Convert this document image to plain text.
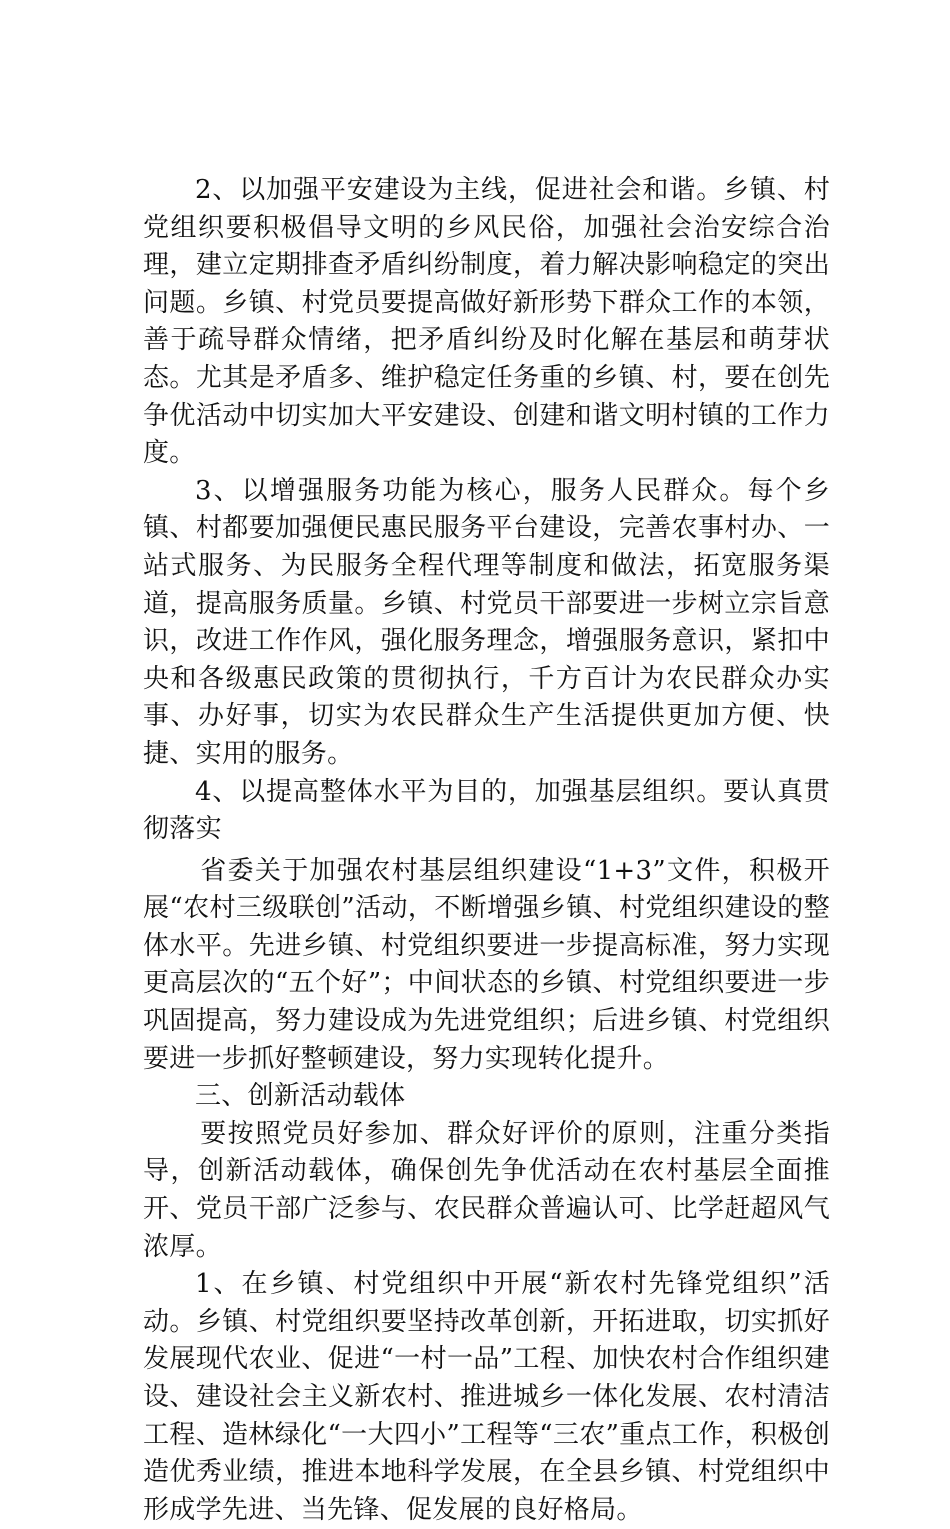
2、以加强平安建设为主线，促进社会和谐。乡镇、村党组织要积极倡导文明的乡风民俗，加强社会治安综合治理，建立定期排查矛盾纠纷制度，着力解决影响稳定的突出问题。乡镇、村党员要提高做好新形势下群众工作的本领，善于疏导群众情绪，把矛盾纠纷及时化解在基层和萌芽状态。尤其是矛盾多、维护稳定任务重的乡镇、村，要在创先争优活动中切实加大平安建设、创建和谐文明村镇的工作力度。

3、以增强服务功能为核心，服务人民群众。每个乡镇、村都要加强便民惠民服务平台建设，完善农事村办、一站式服务、为民服务全程代理等制度和做法，拓宽服务渠道，提高服务质量。乡镇、村党员干部要进一步树立宗旨意识，改进工作作风，强化服务理念，增强服务意识，紧扣中央和各级惠民政策的贯彻执行，千方百计为农民群众办实事、办好事，切实为农民群众生产生活提供更加方便、快捷、实用的服务。

4、以提高整体水平为目的，加强基层组织。要认真贯彻落实

省委关于加强农村基层组织建设“1+3”文件，积极开展“农村三级联创”活动，不断增强乡镇、村党组织建设的整体水平。先进乡镇、村党组织要进一步提高标准，努力实现更高层次的“五个好”；中间状态的乡镇、村党组织要进一步巩固提高，努力建设成为先进党组织；后进乡镇、村党组织要进一步抓好整顿建设，努力实现转化提升。

三、创新活动载体

要按照党员好参加、群众好评价的原则，注重分类指导，创新活动载体，确保创先争优活动在农村基层全面推开、党员干部广泛参与、农民群众普遍认可、比学赶超风气浓厚。

1、在乡镇、村党组织中开展“新农村先锋党组织”活动。乡镇、村党组织要坚持改革创新，开拓进取，切实抓好发展现代农业、促进“一村一品”工程、加快农村合作组织建设、建设社会主义新农村、推进城乡一体化发展、农村清洁工程、造林绿化“一大四小”工程等“三农”重点工作，积极创造优秀业绩，推进本地科学发展，在全县乡镇、村党组织中形成学先进、当先锋、促发展的良好格局。
